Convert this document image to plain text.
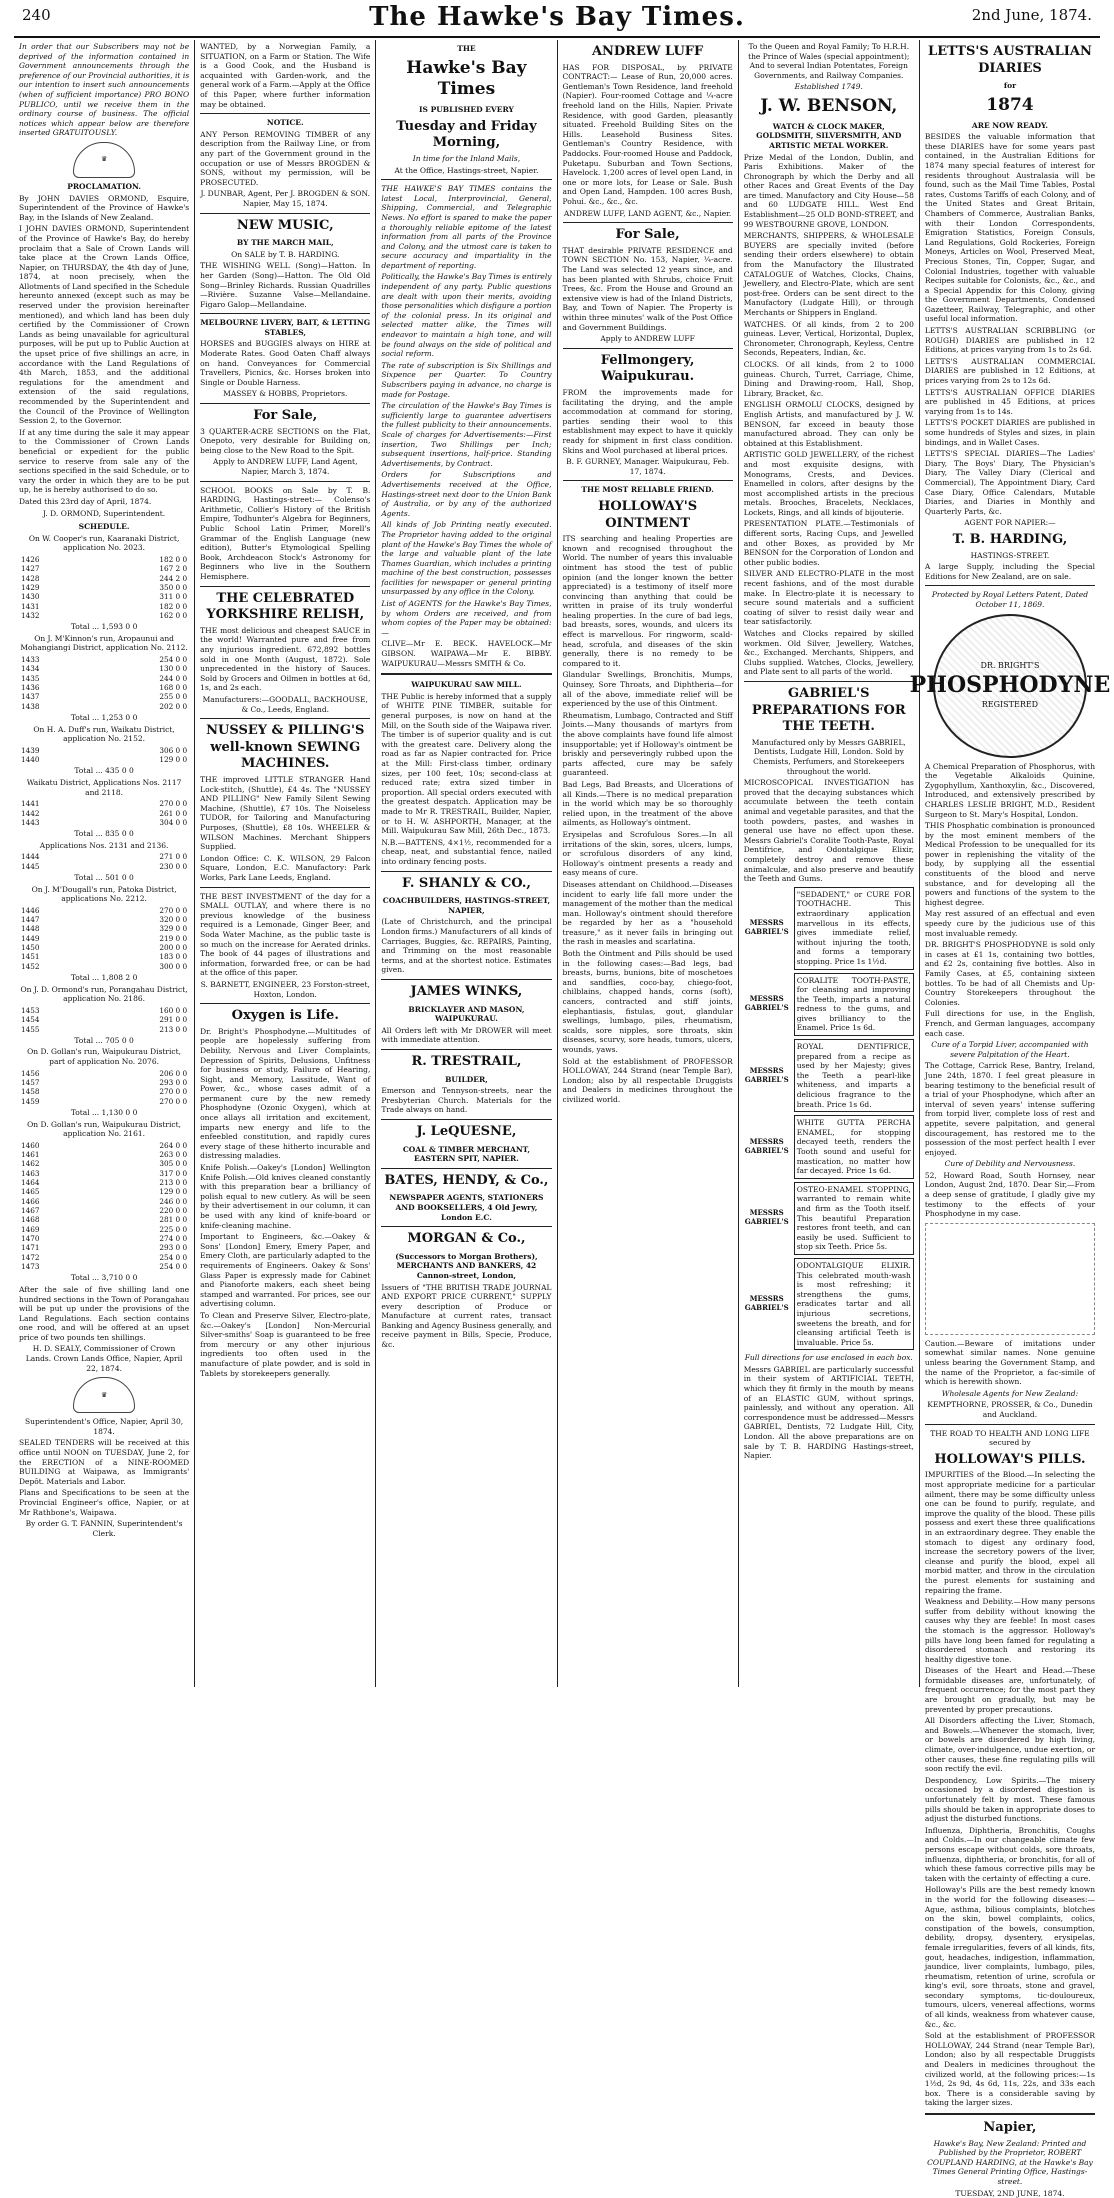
240	The Hawke's Bay Times.	2nd June, 1874.

In order that our Subscribers may not be deprived of the information contained in Government announcements through the preference of our Provincial authorities, it is our intention to insert such announcements (when of sufficient importance) PRO BONO PUBLICO, until we receive them in the ordinary course of business. The official notices which appear below are therefore inserted GRATUITOUSLY.

♛
PROCLAMATION.

By JOHN DAVIES ORMOND, Esquire, Superintendent of the Province of Hawke's Bay, in the Islands of New Zealand.

I JOHN DAVIES ORMOND, Superintendent of the Province of Hawke's Bay, do hereby proclaim that a Sale of Crown Lands will take place at the Crown Lands Office, Napier, on THURSDAY, the 4th day of June, 1874, at noon precisely, when the Allotments of Land specified in the Schedule hereunto annexed (except such as may be reserved under the provision hereinafter mentioned), and which land has been duly certified by the Commissioner of Crown Lands as being unavailable for agricultural purposes, will be put up to Public Auction at the upset price of five shillings an acre, in accordance with the Land Regulations of 4th March, 1853, and the additional regulations for the amendment and extension of the said regulations, recommended by the Superintendent and the Council of the Province of Wellington Session 2, to the Governor.

If at any time during the sale it may appear to the Commissioner of Crown Lands beneficial or expedient for the public service to reserve from sale any of the sections specified in the said Schedule, or to vary the order in which they are to be put up, he is hereby authorised to do so.

Dated this 23rd day of April, 1874.

J. D. ORMOND, Superintendent.

SCHEDULE.

On W. Cooper's run, Kaaranaki District, application No. 2023.

1426	182 0 0
1427	167 2 0
1428	244 2 0
1429	350 0 0
1430	311 0 0
1431	182 0 0
1432	162 0 0

Total ... 1,593 0 0

On J. M'Kinnon's run, Aropaunui and Mohangiangi District, application No. 2112.

1433	254 0 0
1434	130 0 0
1435	244 0 0
1436	168 0 0
1437	255 0 0
1438	202 0 0

Total ... 1,253 0 0

On H. A. Duff's run, Waikatu District, application No. 2152.

1439	306 0 0
1440	129 0 0

Total ... 435 0 0

Waikatu District, Applications Nos. 2117 and 2118.

1441	270 0 0
1442	261 0 0
1443	304 0 0

Total ... 835 0 0

Applications Nos. 2131 and 2136.

1444	271 0 0
1445	230 0 0

Total ... 501 0 0

On J. M'Dougall's run, Patoka District, applications No. 2212.

1446	270 0 0
1447	320 0 0
1448	329 0 0
1449	219 0 0
1450	200 0 0
1451	183 0 0
1452	300 0 0

Total ... 1,808 2 0

On J. D. Ormond's run, Porangahau District, application No. 2186.

1453	160 0 0
1454	291 0 0
1455	213 0 0

Total ... 705 0 0

On D. Gollan's run, Waipukurau District, part of application No. 2076.

1456	206 0 0
1457	293 0 0
1458	270 0 0
1459	270 0 0

Total ... 1,130 0 0

On D. Gollan's run, Waipukurau District, application No. 2161.

1460	264 0 0
1461	263 0 0
1462	305 0 0
1463	317 0 0
1464	213 0 0
1465	129 0 0
1466	246 0 0
1467	220 0 0
1468	281 0 0
1469	225 0 0
1470	274 0 0
1471	293 0 0
1472	254 0 0
1473	254 0 0

Total ... 3,710 0 0

After the sale of five shilling land one hundred sections in the Town of Porangahau will be put up under the provisions of the Land Regulations. Each section contains one rood, and will be offered at an upset price of two pounds ten shillings.

H. D. SEALY, Commissioner of Crown Lands. Crown Lands Office, Napier, April 22, 1874.

♛

Superintendent's Office, Napier, April 30, 1874.

SEALED TENDERS will be received at this office until NOON on TUESDAY, June 2, for the ERECTION of a NINE-ROOMED BUILDING at Waipawa, as Immigrants' Depôt. Materials and Labor.

Plans and Specifications to be seen at the Provincial Engineer's office, Napier, or at Mr Rathbone's, Waipawa.

By order G. T. FANNIN, Superintendent's Clerk.

WANTED, by a Norwegian Family, a SITUATION, on a Farm or Station. The Wife is a Good Cook, and the Husband is acquainted with Garden-work, and the general work of a Farm.—Apply at the Office of this Paper, where further information may be obtained.

NOTICE.

ANY Person REMOVING TIMBER of any description from the Railway Line, or from any part of the Government ground in the occupation or use of Messrs BROGDEN & SONS, without my permission, will be PROSECUTED.

J. DUNBAR, Agent, Per J. BROGDEN & SON. Napier, May 15, 1874.

NEW MUSIC,
BY THE MARCH MAIL,

On SALE by T. B. HARDING.

THE WISHING WELL (Song)—Hatton. In her Garden (Song)—Hatton. The Old Old Song—Brinley Richards. Russian Quadrilles—Rivière. Suzanne Valse—Mellandaine. Figaro Galop—Mellandaine.

MELBOURNE LIVERY, BAIT, & LETTING STABLES,

HORSES and BUGGIES always on HIRE at Moderate Rates. Good Oaten Chaff always on hand. Conveyances for Commercial Travellers, Picnics, &c. Horses broken into Single or Double Harness.

MASSEY & HOBBS, Proprietors.

For Sale,

3 QUARTER-ACRE SECTIONS on the Flat, Onepoto, very desirable for Building on, being close to the New Road to the Spit.

Apply to ANDREW LUFF, Land Agent, Napier, March 3, 1874.

SCHOOL BOOKS on Sale by T. B. HARDING, Hastings-street:— Colenso's Arithmetic, Collier's History of the British Empire, Todhunter's Algebra for Beginners, Public School Latin Primer, Morell's Grammar of the English Language (new edition), Butter's Etymological Spelling Book, Archdeacon Stock's Astronomy for Beginners who live in the Southern Hemisphere.

THE CELEBRATED YORKSHIRE RELISH,

THE most delicious and cheapest SAUCE in the world! Warranted pure and free from any injurious ingredient. 672,892 bottles sold in one Month (August, 1872). Sole unprecedented in the history of Sauces. Sold by Grocers and Oilmen in bottles at 6d, 1s, and 2s each.

Manufacturers:—GOODALL, BACKHOUSE, & Co., Leeds, England.

NUSSEY & PILLING'S well-known SEWING MACHINES.

THE improved LITTLE STRANGER Hand Lock-stitch, (Shuttle), £4 4s. The "NUSSEY AND PILLING" New Family Silent Sewing Machine, (Shuttle), £7 10s. The Noiseless TUDOR, for Tailoring and Manufacturing Purposes, (Shuttle), £8 10s. WHEELER & WILSON Machines. Merchant Shippers Supplied.

London Office: C. K. WILSON, 29 Falcon Square, London, E.C. Manufactory: Park Works, Park Lane Leeds, England.

THE BEST INVESTMENT of the day for a SMALL OUTLAY, and where there is no previous knowledge of the business required is a Lemonade, Ginger Beer, and Soda Water Machine, as the public taste is so much on the increase for Aerated drinks. The book of 44 pages of illustrations and information, forwarded free, or can be had at the office of this paper.

S. BARNETT, ENGINEER, 23 Forston-street, Hoxton, London.

Oxygen is Life.

Dr. Bright's Phosphodyne.—Multitudes of people are hopelessly suffering from Debility, Nervous and Liver Complaints, Depression of Spirits, Delusions, Unfitness for business or study, Failure of Hearing, Sight, and Memory, Lassitude, Want of Power, &c., whose cases admit of a permanent cure by the new remedy Phosphodyne (Ozonic Oxygen), which at once allays all irritation and excitement, imparts new energy and life to the enfeebled constitution, and rapidly cures every stage of these hitherto incurable and distressing maladies.

Knife Polish.—Oakey's [London] Wellington Knife Polish.—Old knives cleaned constantly with this preparation bear a brilliancy of polish equal to new cutlery. As will be seen by their advertisement in our column, it can be used with any kind of knife-board or knife-cleaning machine.

Important to Engineers, &c.—Oakey & Sons' [London] Emery, Emery Paper, and Emery Cloth, are particularly adapted to the requirements of Engineers. Oakey & Sons' Glass Paper is expressly made for Cabinet and Pianoforte makers, each sheet being stamped and warranted. For prices, see our advertising column.

To Clean and Preserve Silver, Electro-plate, &c.—Oakey's [London] Non-Mercurial Silver-smiths' Soap is guaranteed to be free from mercury or any other injurious ingredients too often used in the manufacture of plate powder, and is sold in Tablets by storekeepers generally.

THE
Hawke's Bay Times
IS PUBLISHED EVERY
Tuesday and Friday Morning,

In time for the Inland Mails,

At the Office, Hastings-street, Napier.

THE HAWKE'S BAY TIMES contains the latest Local, Interprovincial, General, Shipping, Commercial, and Telegraphic News. No effort is spared to make the paper a thoroughly reliable epitome of the latest information from all parts of the Province and Colony, and the utmost care is taken to secure accuracy and impartiality in the department of reporting.

Politically, the Hawke's Bay Times is entirely independent of any party. Public questions are dealt with upon their merits, avoiding those personalities which disfigure a portion of the colonial press. In its original and selected matter alike, the Times will endeavor to maintain a high tone, and will be found always on the side of political and social reform.

The rate of subscription is Six Shillings and Sixpence per Quarter. To Country Subscribers paying in advance, no charge is made for Postage.

The circulation of the Hawke's Bay Times is sufficiently large to guarantee advertisers the fullest publicity to their announcements. Scale of charges for Advertisements:—First insertion, Two Shillings per Inch; subsequent insertions, half-price. Standing Advertisements, by Contract.

Orders for Subscriptions and Advertisements received at the Office, Hastings-street next door to the Union Bank of Australia, or by any of the authorized Agents.

All kinds of Job Printing neatly executed. The Proprietor having added to the original plant of the Hawke's Bay Times the whole of the large and valuable plant of the late Thames Guardian, which includes a printing machine of the best construction, possesses facilities for newspaper or general printing unsurpassed by any office in the Colony.

List of AGENTS for the Hawke's Bay Times, by whom Orders are received, and from whom copies of the Paper may be obtained:—

CLIVE—Mr E. BECK. HAVELOCK—Mr GIBSON. WAIPAWA—Mr E. BIBBY. WAIPUKURAU—Messrs SMITH & Co.

WAIPUKURAU SAW MILL.

THE Public is hereby informed that a supply of WHITE PINE TIMBER, suitable for general purposes, is now on hand at the Mill, on the South side of the Waipawa river. The timber is of superior quality and is cut with the greatest care. Delivery along the road as far as Napier contracted for. Price at the Mill: First-class timber, ordinary sizes, per 100 feet, 10s; second-class at reduced rate; extra sized timber in proportion. All special orders executed with the greatest despatch. Application may be made to Mr R. TRESTRAIL, Builder, Napier, or to H. W. ASHPORTH, Manager, at the Mill. Waipukurau Saw Mill, 26th Dec., 1873.

N.B.—BATTENS, 4×1½, recommended for a cheap, neat, and substantial fence, nailed into ordinary fencing posts.

F. SHANLY & CO.,
COACHBUILDERS, HASTINGS-STREET, NAPIER,

(Late of Christchurch, and the principal London firms.) Manufacturers of all kinds of Carriages, Buggies, &c. REPAIRS, Painting, and Trimming on the most reasonable terms, and at the shortest notice. Estimates given.

JAMES WINKS,
BRICKLAYER AND MASON, WAIPUKURAU.

All Orders left with Mr DROWER will meet with immediate attention.

R. TRESTRAIL,
BUILDER,

Emerson and Tennyson-streets, near the Presbyterian Church. Materials for the Trade always on hand.

J. LeQUESNE,
COAL & TIMBER MERCHANT, EASTERN SPIT, NAPIER.
BATES, HENDY, & Co.,
NEWSPAPER AGENTS, STATIONERS AND BOOKSELLERS, 4 Old Jewry, London E.C.
MORGAN & Co.,
(Successors to Morgan Brothers), MERCHANTS AND BANKERS, 42 Cannon-street, London,

Issuers of "THE BRITISH TRADE JOURNAL AND EXPORT PRICE CURRENT," SUPPLY every description of Produce or Manufacture at current rates, transact Banking and Agency Business generally, and receive payment in Bills, Specie, Produce, &c.

ANDREW LUFF

HAS FOR DISPOSAL, by PRIVATE CONTRACT:— Lease of Run, 20,000 acres. Gentleman's Town Residence, land freehold (Napier). Four-roomed Cottage and ¼-acre freehold land on the Hills, Napier. Private Residence, with good Garden, pleasantly situated. Freehold Building Sites on the Hills. Leasehold Business Sites. Gentleman's Country Residence, with Paddocks. Four-roomed House and Paddock, Puketapu. Suburban and Town Sections, Havelock. 1,200 acres of level open Land, in one or more lots, for Lease or Sale. Bush and Open Land, Hampden. 100 acres Bush, Pohui. &c., &c., &c.

ANDREW LUFF, LAND AGENT, &c., Napier.

For Sale,

THAT desirable PRIVATE RESIDENCE and TOWN SECTION No. 153, Napier, ¼-acre. The Land was selected 12 years since, and has been planted with Shrubs, choice Fruit Trees, &c. From the House and Ground an extensive view is had of the Inland Districts, Bay, and Town of Napier. The Property is within three minutes' walk of the Post Office and Government Buildings.

Apply to ANDREW LUFF

Fellmongery, Waipukurau.

FROM the improvements made for facilitating the drying, and the ample accommodation at command for storing, parties sending their wool to this establishment may expect to have it quickly ready for shipment in first class condition. Skins and Wool purchased at liberal prices.

B. F. GURNEY, Manager. Waipukurau, Feb. 17, 1874.

THE MOST RELIABLE FRIEND.
HOLLOWAY'S OINTMENT

ITS searching and healing Properties are known and recognised throughout the World. The number of years this invaluable ointment has stood the test of public opinion (and the longer known the better appreciated) is a testimony of itself more convincing than anything that could be written in praise of its truly wonderful healing properties. In the cure of bad legs, bad breasts, sores, wounds, and ulcers its effect is marvellous. For ringworm, scald-head, scrofula, and diseases of the skin generally, there is no remedy to be compared to it.

Glandular Swellings, Bronchitis, Mumps, Quinsey, Sore Throats, and Diphtheria—for all of the above, immediate relief will be experienced by the use of this Ointment.

Rheumatism, Lumbago, Contracted and Stiff Joints.—Many thousands of martyrs from the above complaints have found life almost insupportable; yet if Holloway's ointment be briskly and perseveringly rubbed upon the parts affected, cure may be safely guaranteed.

Bad Legs, Bad Breasts, and Ulcerations of all Kinds.—There is no medical preparation in the world which may be so thoroughly relied upon, in the treatment of the above ailments, as Holloway's ointment.

Erysipelas and Scrofulous Sores.—In all irritations of the skin, sores, ulcers, lumps, or scrofulous disorders of any kind, Holloway's ointment presents a ready and easy means of cure.

Diseases attendant on Childhood.—Diseases incident to early life fall more under the management of the mother than the medical man. Holloway's ointment should therefore be regarded by her as a "household treasure," as it never fails in bringing out the rash in measles and scarlatina.

Both the Ointment and Pills should be used in the following cases:—Bad legs, bad breasts, burns, bunions, bite of moschetoes and sandflies, coco-bay, chiego-foot, chilblains, chapped hands, corns (soft), cancers, contracted and stiff joints, elephantiasis, fistulas, gout, glandular swellings, lumbago, piles, rheumatism, scalds, sore nipples, sore throats, skin diseases, scurvy, sore heads, tumors, ulcers, wounds, yaws.

Sold at the establishment of PROFESSOR HOLLOWAY, 244 Strand (near Temple Bar), London; also by all respectable Druggists and Dealers in medicines throughout the civilized world.

To the Queen and Royal Family; To H.R.H. the Prince of Wales (special appointment); And to several Indian Potentates, Foreign Governments, and Railway Companies.

Established 1749.

J. W. BENSON,
WATCH & CLOCK MAKER, GOLDSMITH, SILVERSMITH, AND ARTISTIC METAL WORKER.

Prize Medal of the London, Dublin, and Paris Exhibitions. Maker of the Chronograph by which the Derby and all other Races and Great Events of the Day are timed. Manufactory and City House—58 and 60 LUDGATE HILL. West End Establishment—25 OLD BOND-STREET, and 99 WESTBOURNE GROVE, LONDON.

MERCHANTS, SHIPPERS, & WHOLESALE BUYERS are specially invited (before sending their orders elsewhere) to obtain from the Manufactory the Illustrated CATALOGUE of Watches, Clocks, Chains, Jewellery, and Electro-Plate, which are sent post-free. Orders can be sent direct to the Manufactory (Ludgate Hill), or through Merchants or Shippers in England.

WATCHES. Of all kinds, from 2 to 200 guineas. Lever, Vertical, Horizontal, Duplex, Chronometer, Chronograph, Keyless, Centre Seconds, Repeaters, Indian, &c.

CLOCKS. Of all kinds, from 2 to 1000 guineas. Church, Turret, Carriage, Chime, Dining and Drawing-room, Hall, Shop, Library, Bracket, &c.

ENGLISH ORMOLU CLOCKS, designed by English Artists, and manufactured by J. W. BENSON, far exceed in beauty those manufactured abroad. They can only be obtained at this Establishment.

ARTISTIC GOLD JEWELLERY, of the richest and most exquisite designs, with Monograms, Crests, and Devices. Enamelled in colors, after designs by the most accomplished artists in the precious metals. Brooches, Bracelets, Necklaces, Lockets, Rings, and all kinds of bijouterie.

PRESENTATION PLATE.—Testimonials of different sorts, Racing Cups, and Jewelled and other Boxes, as provided by Mr BENSON for the Corporation of London and other public bodies.

SILVER AND ELECTRO-PLATE in the most recent fashions, and of the most durable make. In Electro-plate it is necessary to secure sound materials and a sufficient coating of silver to resist daily wear and tear satisfactorily.

Watches and Clocks repaired by skilled workmen. Old Silver, Jewellery, Watches, &c., Exchanged. Merchants, Shippers, and Clubs supplied. Watches, Clocks, Jewellery, and Plate sent to all parts of the world.

GABRIEL'S PREPARATIONS FOR THE TEETH.

Manufactured only by Messrs GABRIEL, Dentists, Ludgate Hill, London. Sold by Chemists, Perfumers, and Storekeepers throughout the world.

MICROSCOPICAL INVESTIGATION has proved that the decaying substances which accumulate between the teeth contain animal and vegetable parasites, and that the tooth powders, pastes, and washes in general use have no effect upon these. Messrs Gabriel's Coralite Tooth-Paste, Royal Dentifrice, and Odontalgique Elixir, completely destroy and remove these animalculæ, and also preserve and beautify the Teeth and Gums.

MESSRS GABRIEL'S
"SEDADENT," or CURE FOR TOOTHACHE. This extraordinary application marvellous in its effects, gives immediate relief, without injuring the tooth, and forms a temporary stopping. Price 1s 1½d.
MESSRS GABRIEL'S
CORALITE TOOTH-PASTE, for cleansing and improving the Teeth, imparts a natural redness to the gums, and gives brilliancy to the Enamel. Price 1s 6d.
MESSRS GABRIEL'S
ROYAL DENTIFRICE, prepared from a recipe as used by her Majesty; gives the Teeth a pearl-like whiteness, and imparts a delicious fragrance to the breath. Price 1s 6d.
MESSRS GABRIEL'S
WHITE GUTTA PERCHA ENAMEL, for stopping decayed teeth, renders the Tooth sound and useful for mastication, no matter how far decayed. Price 1s 6d.
MESSRS GABRIEL'S
OSTEO-ENAMEL STOPPING, warranted to remain white and firm as the Tooth itself. This beautiful Preparation restores front teeth, and can easily be used. Sufficient to stop six Teeth. Price 5s.
MESSRS GABRIEL'S
ODONTALGIQUE ELIXIR. This celebrated mouth-wash is most refreshing; it strengthens the gums, eradicates tartar and all injurious secretions, sweetens the breath, and for cleansing artificial Teeth is invaluable. Price 5s.

Full directions for use enclosed in each box.

Messrs GABRIEL are particularly successful in their system of ARTIFICIAL TEETH, which they fit firmly in the mouth by means of an ELASTIC GUM, without springs, painlessly, and without any operation. All correspondence must be addressed—Messrs GABRIEL, Dentists, 72 Ludgate Hill, City, London. All the above preparations are on sale by T. B. HARDING Hastings-street, Napier.

LETTS'S AUSTRALIAN DIARIES
for
1874
ARE NOW READY.

BESIDES the valuable information that these DIARIES have for some years past contained, in the Australian Editions for 1874 many special features of interest for residents throughout Australasia will be found, such as the Mail Time Tables, Postal rates, Customs Tariffs of each Colony, and of the United States and Great Britain, Chambers of Commerce, Australian Banks, with their London Correspondents, Emigration Statistics, Foreign Consuls, Land Regulations, Gold Rockeries, Foreign Moneys, Articles on Wool, Preserved Meat, Precious Stones, Tin, Copper, Sugar, and Colonial Industries, together with valuable Recipes suitable for Colonists, &c., &c., and a Special Appendix for this Colony, giving the Government Departments, Condensed Gazetteer, Railway, Telegraphic, and other useful local information.

LETTS'S AUSTRALIAN SCRIBBLING (or ROUGH) DIARIES are published in 12 Editions, at prices varying from 1s to 2s 6d.

LETTS'S AUSTRALIAN COMMERCIAL DIARIES are published in 12 Editions, at prices varying from 2s to 12s 6d.

LETTS'S AUSTRALIAN OFFICE DIARIES are published in 45 Editions, at prices varying from 1s to 14s.

LETTS'S POCKET DIARIES are published in some hundreds of Styles and sizes, in plain bindings, and in Wallet Cases.

LETTS'S SPECIAL DIARIES—The Ladies' Diary, The Boys' Diary, The Physician's Diary, The Valley Diary (Clerical and Commercial), The Appointment Diary, Card Case Diary, Office Calendars, Mutable Diaries, and Diaries in Monthly and Quarterly Parts, &c.

AGENT FOR NAPIER:—

T. B. HARDING,

HASTINGS-STREET.

A large Supply, including the Special Editions for New Zealand, are on sale.

Protected by Royal Letters Patent, Dated October 11, 1869.

DR. BRIGHT'S
PHOSPHODYNE
REGISTERED

A Chemical Preparation of Phosphorus, with the Vegetable Alkaloids Quinine, Zygophyllum, Xanthoxylin, &c., Discovered, Introduced, and extensively prescribed by CHARLES LESLIE BRIGHT, M.D., Resident Surgeon to St. Mary's Hospital, London.

THIS Phosphatic combination is pronounced by the most eminent members of the Medical Profession to be unequalled for its power in replenishing the vitality of the body, by supplying all the essential constituents of the blood and nerve substance, and for developing all the powers and functions of the system to the highest degree.

May rest assured of an effectual and even speedy cure by the judicious use of this most invaluable remedy.

DR. BRIGHT'S PHOSPHODYNE is sold only in cases at £1 1s, containing two bottles, and £2 2s, containing five bottles. Also in Family Cases, at £5, containing sixteen bottles. To be had of all Chemists and Up-Country Storekeepers throughout the Colonies.

Full directions for use, in the English, French, and German languages, accompany each case.

Cure of a Torpid Liver, accompanied with severe Palpitation of the Heart.

The Cottage, Carrick Rese, Bantry, Ireland, June 24th, 1870. I feel great pleasure in bearing testimony to the beneficial result of a trial of your Phosphodyne, which after an interval of seven years' intense suffering from torpid liver, complete loss of rest and appetite, severe palpitation, and general discouragement, has restored me to the possession of the most perfect health I ever enjoyed.

Cure of Debility and Nervousness.

52, Howard Road, South Hornsey, near London, August 2nd, 1870. Dear Sir,—From a deep sense of gratitude, I gladly give my testimony to the effects of your Phosphodyne in my case.

Caution.—Beware of imitations under somewhat similar names. None genuine unless bearing the Government Stamp, and the name of the Proprietor, a fac-simile of which is herewith shown.

Wholesale Agents for New Zealand:

KEMPTHORNE, PROSSER, & Co., Dunedin and Auckland.

THE ROAD TO HEALTH AND LONG LIFE secured by

HOLLOWAY'S PILLS.

IMPURITIES of the Blood.—In selecting the most appropriate medicine for a particular ailment, there may be some difficulty unless one can be found to purify, regulate, and improve the quality of the blood. These pills possess and exert these three qualifications in an extraordinary degree. They enable the stomach to digest any ordinary food, increase the secretory powers of the liver, cleanse and purify the blood, expel all morbid matter, and throw in the circulation the purest elements for sustaining and repairing the frame.

Weakness and Debility.—How many persons suffer from debility without knowing the causes why they are feeble! In most cases the stomach is the aggressor. Holloway's pills have long been famed for regulating a disordered stomach and restoring its healthy digestive tone.

Diseases of the Heart and Head.—These formidable diseases are, unfortunately, of frequent occurrence; for the most part they are brought on gradually, but may be prevented by proper precautions.

All Disorders affecting the Liver, Stomach, and Bowels.—Whenever the stomach, liver, or bowels are disordered by high living, climate, over-indulgence, undue exertion, or other causes, these fine regulating pills will soon rectify the evil.

Despondency, Low Spirits.—The misery occasioned by a disordered digestion is unfortunately felt by most. These famous pills should be taken in appropriate doses to adjust the disturbed functions.

Influenza, Diphtheria, Bronchitis, Coughs and Colds.—In our changeable climate few persons escape without colds, sore throats, influenza, diphtheria, or bronchitis, for all of which these famous corrective pills may be taken with the certainty of effecting a cure.

Holloway's Pills are the best remedy known in the world for the following diseases:—Ague, asthma, bilious complaints, blotches on the skin, bowel complaints, colics, constipation of the bowels, consumption, debility, dropsy, dysentery, erysipelas, female irregularities, fevers of all kinds, fits, gout, headaches, indigestion, inflammation, jaundice, liver complaints, lumbago, piles, rheumatism, retention of urine, scrofula or king's evil, sore throats, stone and gravel, secondary symptoms, tic-douloureux, tumours, ulcers, venereal affections, worms of all kinds, weakness from whatever cause, &c., &c.

Sold at the establishment of PROFESSOR HOLLOWAY, 244 Strand (near Temple Bar), London; also by all respectable Druggists and Dealers in medicines throughout the civilized world, at the following prices:—1s 1½d, 2s 9d, 4s 6d, 11s, 22s, and 33s each box. There is a considerable saving by taking the larger sizes.

Napier,

Hawke's Bay, New Zealand: Printed and Published by the Proprietor, ROBERT COUPLAND HARDING, at the Hawke's Bay Times General Printing Office, Hastings-street.

TUESDAY, 2ND JUNE, 1874.
